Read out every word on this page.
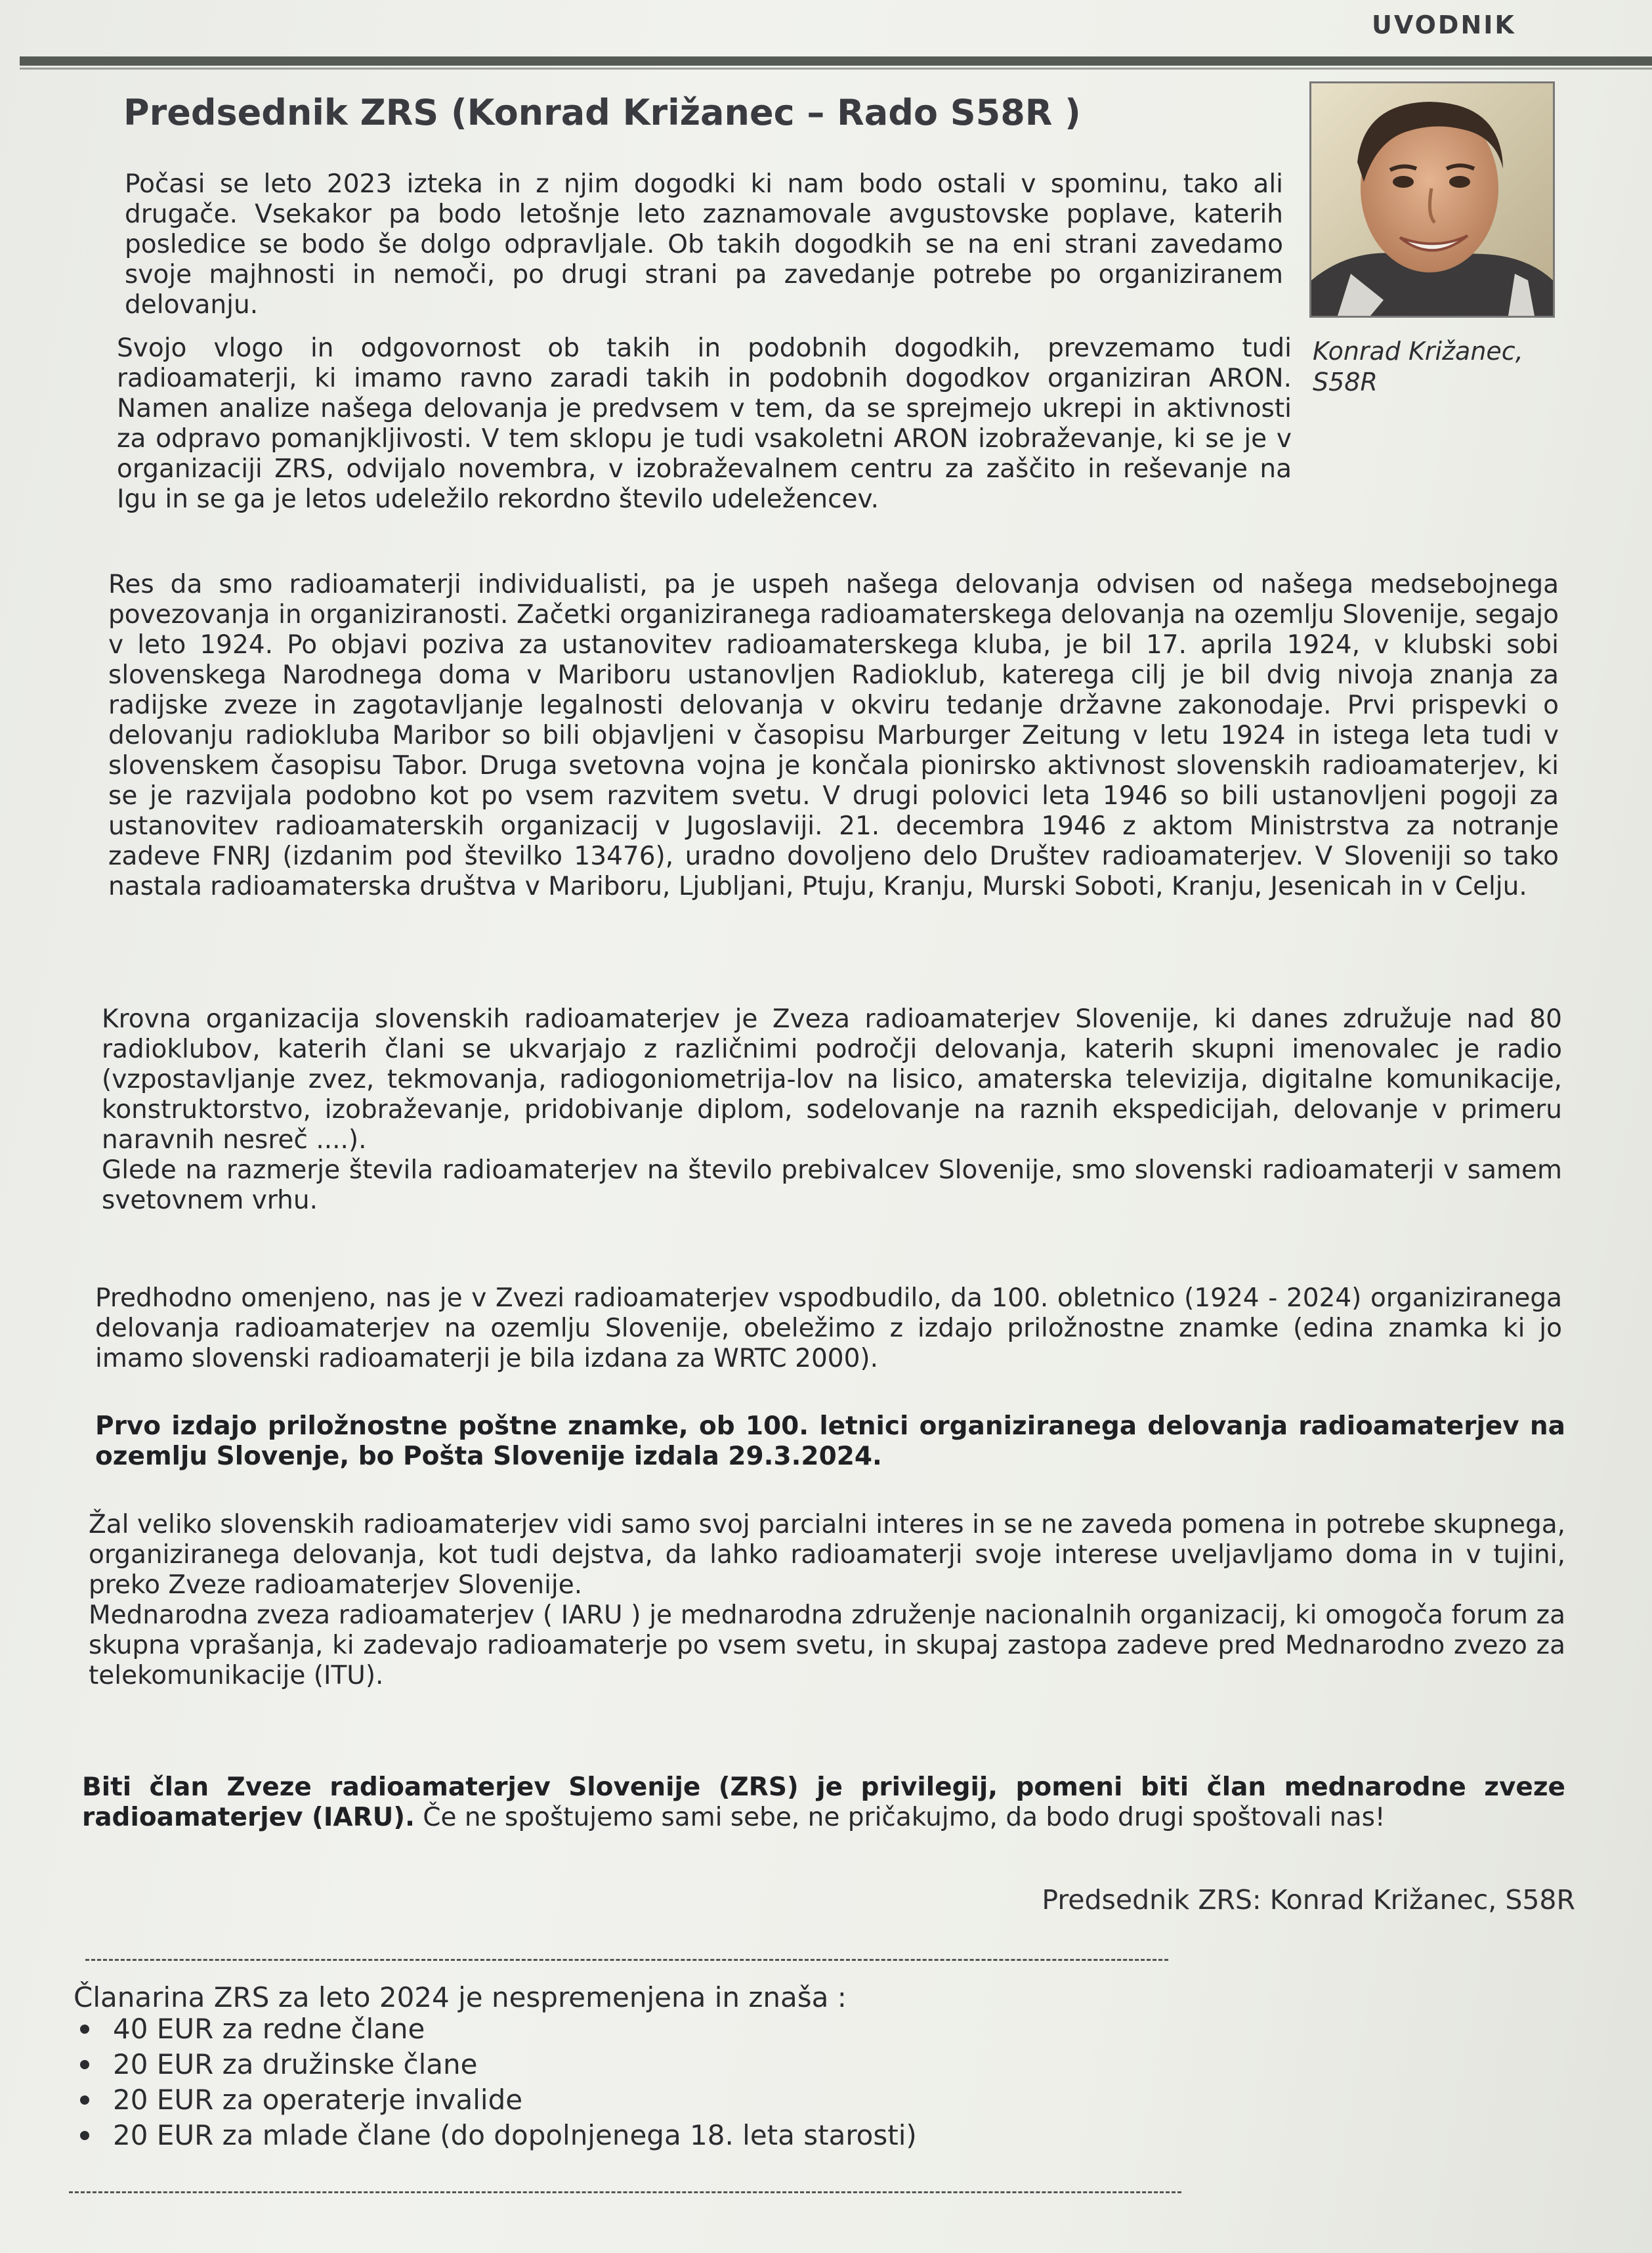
UVODNIK
Predsednik ZRS (Konrad Križanec – Rado S58R )
Konrad Križanec, S58R

Počasi se leto 2023 izteka in z njim dogodki ki nam bodo ostali v spominu, tako ali drugače. Vsekakor pa bodo letošnje leto zaznamovale avgustovske poplave, katerih posledice se bodo še dolgo odpravljale. Ob takih dogodkih se na eni strani zavedamo svoje majhnosti in nemoči, po drugi strani pa zavedanje potrebe po organiziranem delovanju.

Svojo vlogo in odgovornost ob takih in podobnih dogodkih, prevzemamo tudi radioamaterji, ki imamo ravno zaradi takih in podobnih dogodkov organiziran ARON. Namen analize našega delovanja je predvsem v tem, da se sprejmejo ukrepi in aktivnosti za odpravo pomanjkljivosti. V tem sklopu je tudi vsakoletni ARON izobraževanje, ki se je v organizaciji ZRS, odvijalo novembra, v izobraževalnem centru za zaščito in reševanje na Igu in se ga je letos udeležilo rekordno število udeležencev.

Res da smo radioamaterji individualisti, pa je uspeh našega delovanja odvisen od našega medsebojnega povezovanja in organiziranosti. Začetki organiziranega radioamaterskega delovanja na ozemlju Slovenije, segajo v leto 1924. Po objavi poziva za ustanovitev radioamaterskega kluba, je bil 17. aprila 1924, v klubski sobi slovenskega Narodnega doma v Mariboru ustanovljen Radioklub, katerega cilj je bil dvig nivoja znanja za radijske zveze in zagotavljanje legalnosti delovanja v okviru tedanje državne zakonodaje. Prvi prispevki o delovanju radiokluba Maribor so bili objavljeni v časopisu Marburger Zeitung v letu 1924 in istega leta tudi v slovenskem časopisu Tabor. Druga svetovna vojna je končala pionirsko aktivnost slovenskih radioamaterjev, ki se je razvijala podobno kot po vsem razvitem svetu. V drugi polovici leta 1946 so bili ustanovljeni pogoji za ustanovitev radioamaterskih organizacij v Jugoslaviji. 21. decembra 1946 z aktom Ministrstva za notranje zadeve FNRJ (izdanim pod številko 13476), uradno dovoljeno delo Društev radioamaterjev. V Sloveniji so tako nastala radioamaterska društva v Mariboru, Ljubljani, Ptuju, Kranju, Murski Soboti, Kranju, Jesenicah in v Celju.

Krovna organizacija slovenskih radioamaterjev je Zveza radioamaterjev Slovenije, ki danes združuje nad 80 radioklubov, katerih člani se ukvarjajo z različnimi področji delovanja, katerih skupni imenovalec je radio (vzpostavljanje zvez, tekmovanja, radiogoniometrija-lov na lisico, amaterska televizija, digitalne komunikacije, konstruktorstvo, izobraževanje, pridobivanje diplom, sodelovanje na raznih ekspedicijah, delovanje v primeru naravnih nesreč ....).
Glede na razmerje števila radioamaterjev na število prebivalcev Slovenije, smo slovenski radioamaterji v samem svetovnem vrhu.

Predhodno omenjeno, nas je v Zvezi radioamaterjev vspodbudilo, da 100. obletnico (1924 - 2024) organiziranega delovanja radioamaterjev na ozemlju Slovenije, obeležimo z izdajo priložnostne znamke (edina znamka ki jo imamo slovenski radioamaterji je bila izdana za WRTC 2000).

Prvo izdajo priložnostne poštne znamke, ob 100. letnici organiziranega delovanja radioamaterjev na ozemlju Slovenje, bo Pošta Slovenije izdala 29.3.2024.

Žal veliko slovenskih radioamaterjev vidi samo svoj parcialni interes in se ne zaveda pomena in potrebe skupnega, organiziranega delovanja, kot tudi dejstva, da lahko radioamaterji svoje interese uveljavljamo doma in v tujini, preko Zveze radioamaterjev Slovenije.
Mednarodna zveza radioamaterjev ( IARU ) je mednarodna združenje nacionalnih organizacij, ki omogoča forum za skupna vprašanja, ki zadevajo radioamaterje po vsem svetu, in skupaj zastopa zadeve pred Mednarodno zvezo za telekomunikacije (ITU).

Biti član Zveze radioamaterjev Slovenije (ZRS) je privilegij, pomeni biti član mednarodne zveze radioamaterjev (IARU). Če ne spoštujemo sami sebe, ne pričakujmo, da bodo drugi spoštovali nas!

Predsednik ZRS: Konrad Križanec, S58R
Članarina ZRS za leto 2024 je nespremenjena in znaša :
40 EUR za redne člane
20 EUR za družinske člane
20 EUR za operaterje invalide
20 EUR za mlade člane (do dopolnjenega 18. leta starosti)
